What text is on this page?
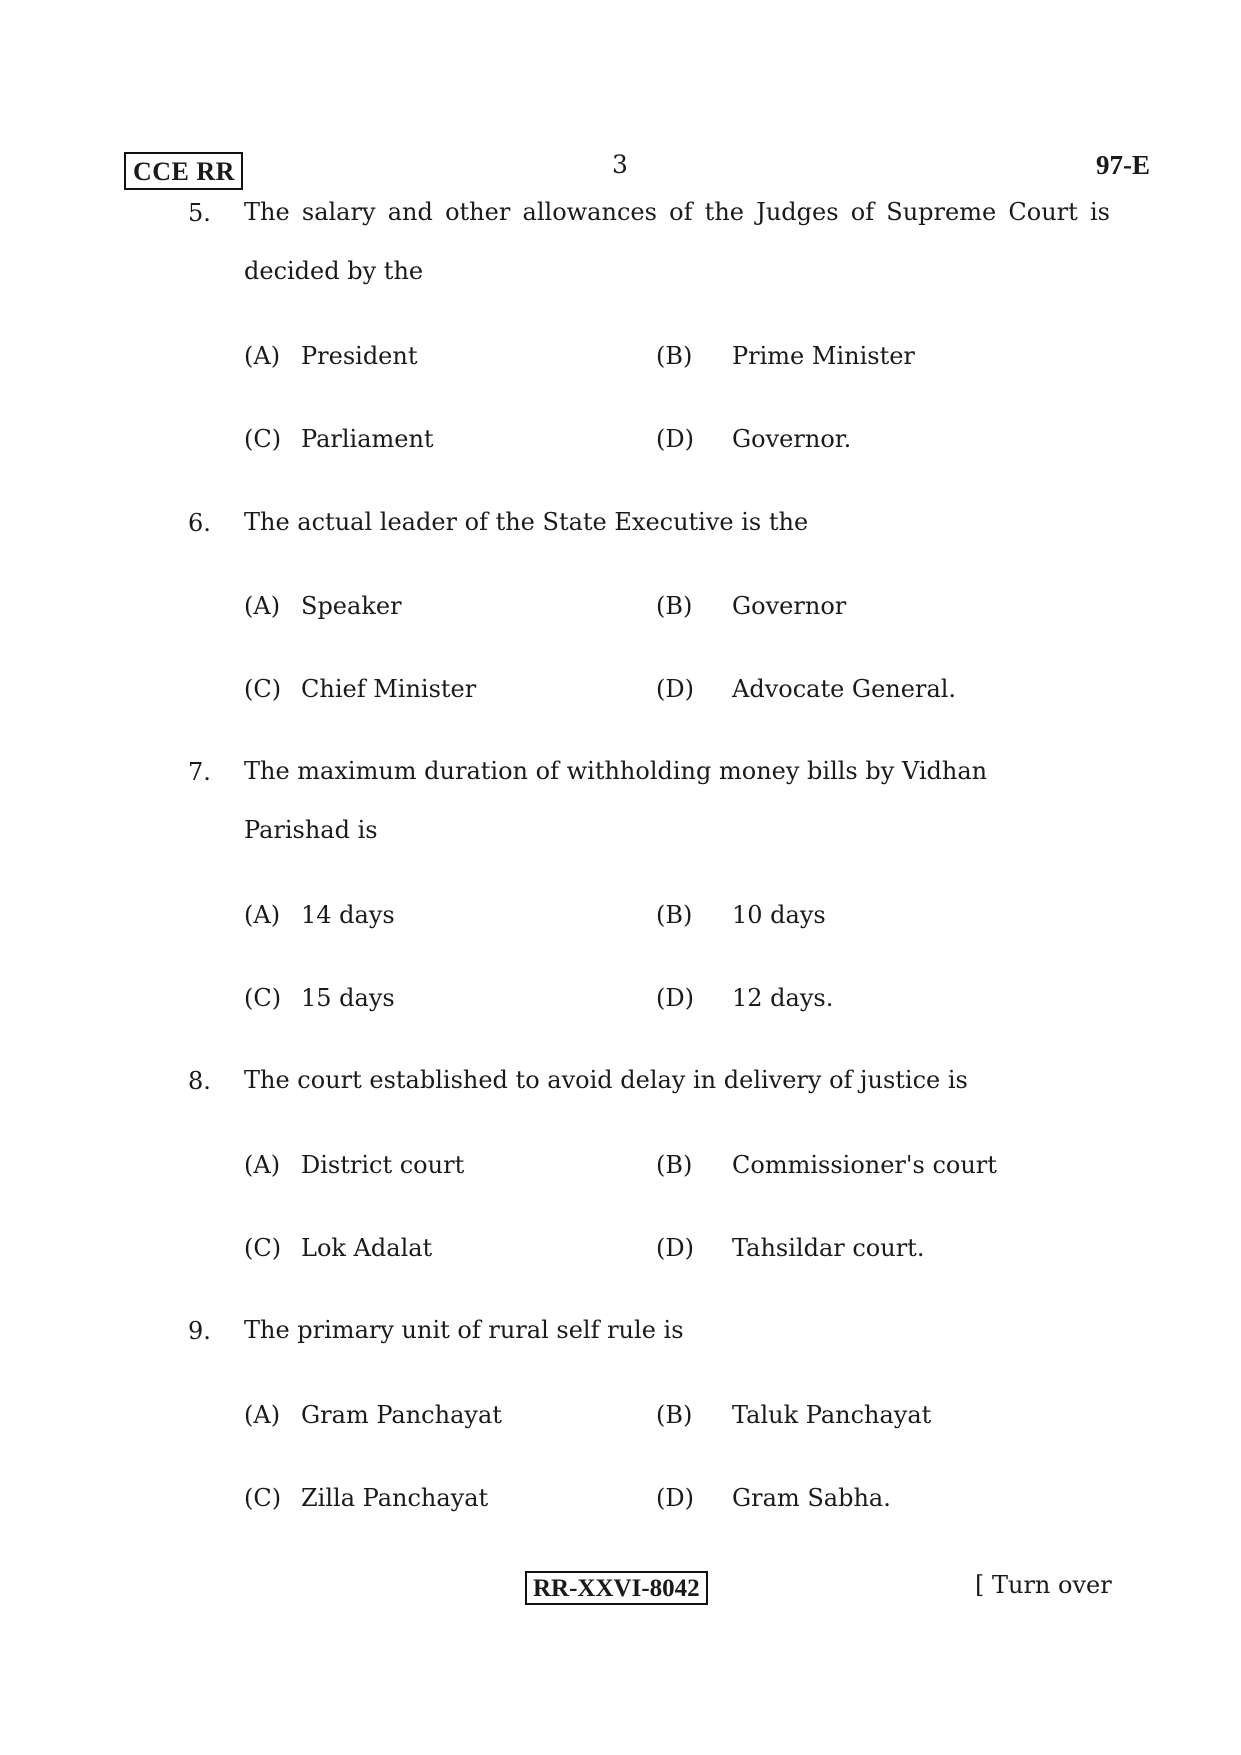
CCE RR	3	97-E
5. The salary and other allowances of the Judges of Supreme Court is decided by the
(A) President	(B) Prime Minister
(C) Parliament	(D) Governor.
6. The actual leader of the State Executive is the
(A) Speaker	(B) Governor
(C) Chief Minister	(D) Advocate General.
7. The maximum duration of withholding money bills by Vidhan
Parishad is
(A) 14 days	(B) 10 days
(C) 15 days	(D) 12 days.
8. The court established to avoid delay in delivery of justice is
(A) District court	(B) Commissioner's court
(C) Lok Adalat	(D) Tahsildar court.
9. The primary unit of rural self rule is
(A) Gram Panchayat	(B) Taluk Panchayat
(C) Zilla Panchayat	(D) Gram Sabha.
RR-XXVI-8042	[ Turn over
